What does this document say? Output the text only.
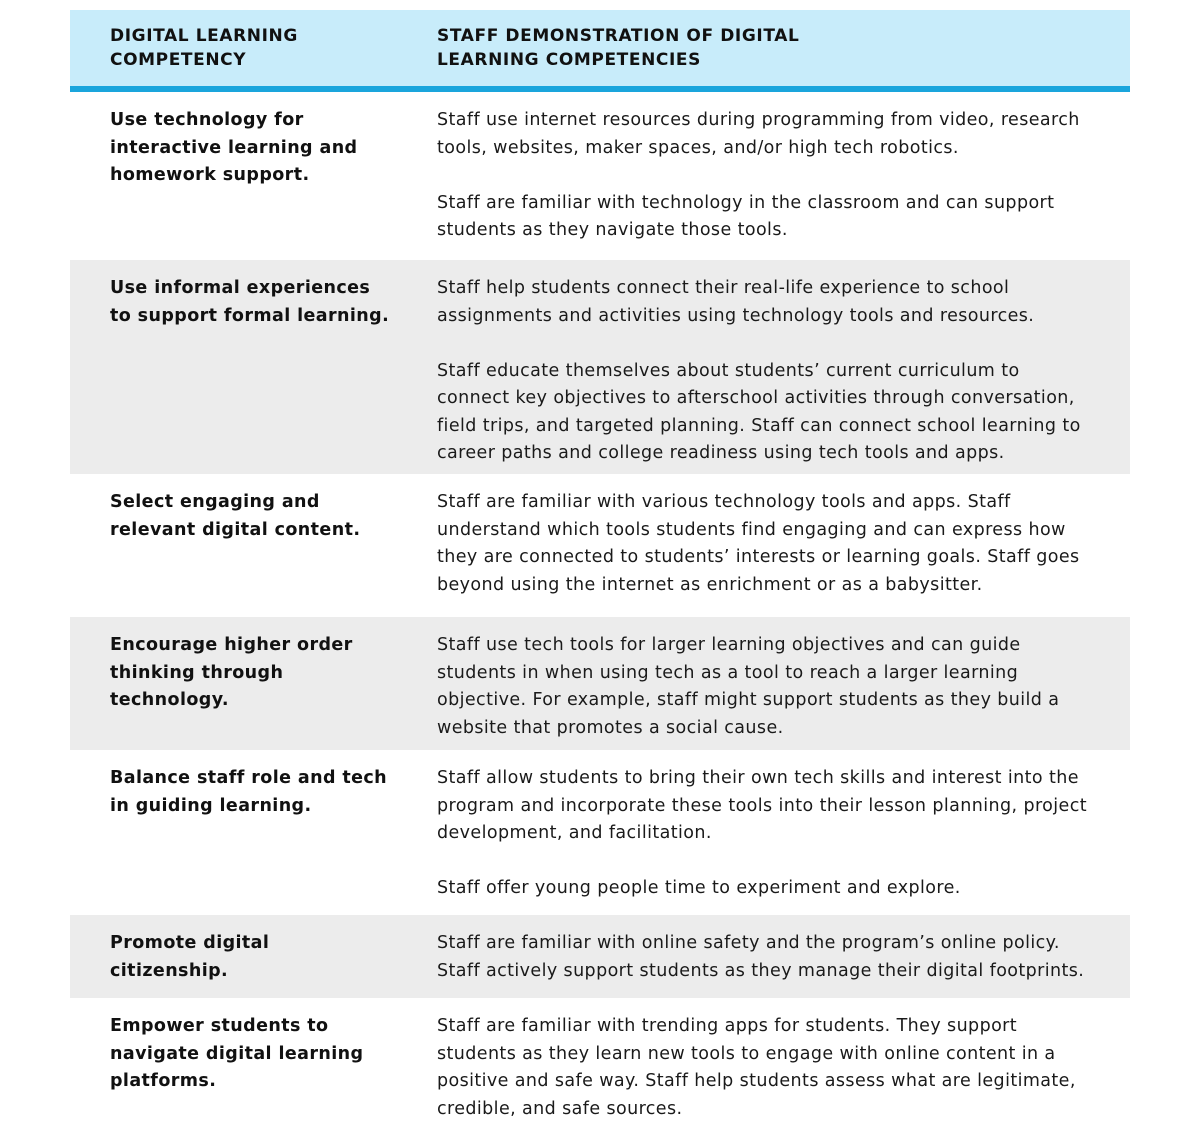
DIGITAL LEARNING COMPETENCY
STAFF DEMONSTRATION OF DIGITAL LEARNING COMPETENCIES
Use technology for interactive learning and homework support.

Staff use internet resources during programming from video, research tools, websites, maker spaces, and/or high tech robotics.

Staff are familiar with technology in the classroom and can support students as they navigate those tools.

Use informal experiences to support formal learning.

Staff help students connect their real-life experience to school assignments and activities using technology tools and resources.

Staff educate themselves about students’ current curriculum to connect key objectives to afterschool activities through conversation, field trips, and targeted planning. Staff can connect school learning to career paths and college readiness using tech tools and apps.

Select engaging and relevant digital content.

Staff are familiar with various technology tools and apps. Staff understand which tools students find engaging and can express how they are connected to students’ interests or learning goals. Staff goes beyond using the internet as enrichment or as a babysitter.

Encourage higher order thinking through technology.

Staff use tech tools for larger learning objectives and can guide students in when using tech as a tool to reach a larger learning objective. For example, staff might support students as they build a website that promotes a social cause.

Balance staff role and tech in guiding learning.

Staff allow students to bring their own tech skills and interest into the program and incorporate these tools into their lesson planning, project development, and facilitation.

Staff offer young people time to experiment and explore.

Promote digital citizenship.

Staff are familiar with online safety and the program’s online policy. Staff actively support students as they manage their digital footprints.

Empower students to navigate digital learning platforms.

Staff are familiar with trending apps for students. They support students as they learn new tools to engage with online content in a positive and safe way. Staff help students assess what are legitimate, credible, and safe sources.
